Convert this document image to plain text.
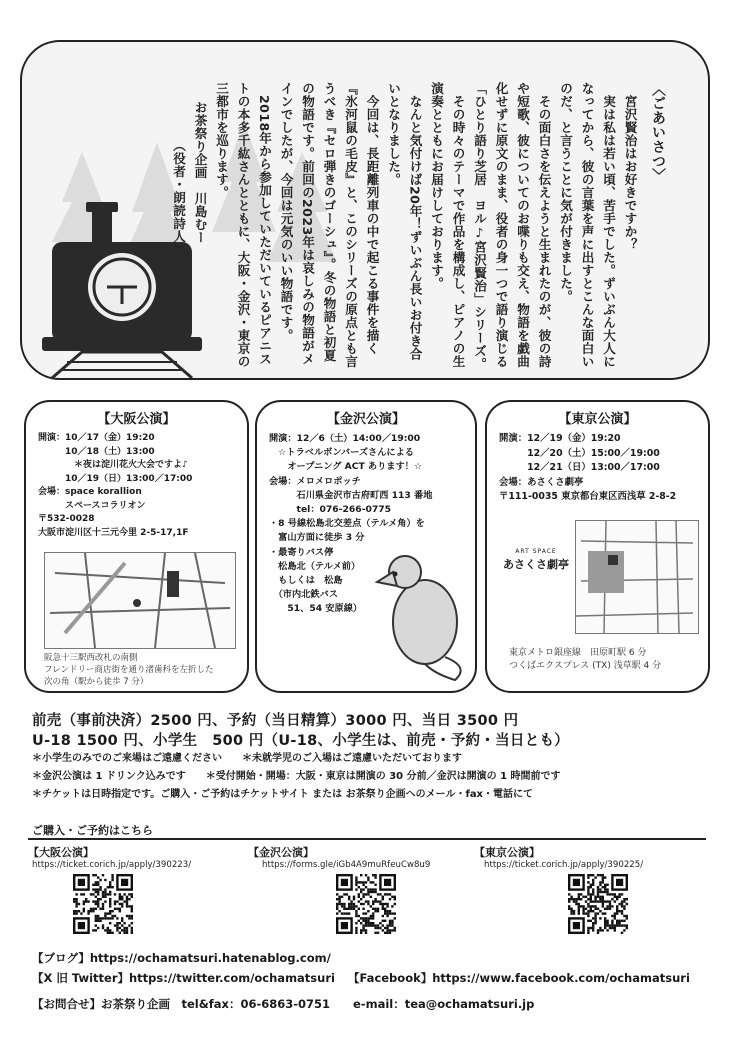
〈ごあいさつ〉

宮沢賢治はお好きですか？

実は私は若い頃、苦手でした。ずいぶん大人になってから、彼の言葉を声に出すとこんな面白いのだ、と言うことに気が付きました。

その面白さを伝えようと生まれたのが、彼の詩や短歌、彼についてのお喋りも交え、物語を戯曲化せずに原文のまま、役者の身一つで語り演じる「ひとり語り芝居　ヨル♪宮沢賢治」シリーズ。

その時々のテーマで作品を構成し、ピアノの生演奏とともにお届けしております。

なんと気付けば20年！ずいぶん長いお付き合いとなりました。

今回は、長距離列車の中で起こる事件を描く『氷河鼠の毛皮』と、このシリーズの原点とも言うべき『セロ弾きのゴーシュ』。冬の物語と初夏の物語です。前回の2023年は哀しみの物語がメインでしたが、今回は元気のいい物語です。

2018年から参加していただいているピアニストの本多千紘さんとともに、大阪・金沢・東京の三都市を巡ります。

お茶祭り企画　川島むー

（役者・朗読詩人）

【大阪公演】
開演：10／17（金）19:20
　　　10／18（土）13:00
　　　　＊夜は淀川花火大会ですよ♪
　　　10／19（日）13:00／17:00
会場：space korallion
　　　スペースコラリオン
〒532-0028
大阪市淀川区十三元今里 2-5-17,1F
阪急十三駅西改札の南側
フレンドリー商店街を通り渚歯科を左折した
次の角（駅から徒歩 7 分）
【金沢公演】
開演：12／6（土）14:00／19:00
　☆トラベルボンバーズさんによる
　　オープニング ACT あります！☆
会場：メロメロポッチ
　　　石川県金沢市古府町西 113 番地
　　　tel：076-266-0775
・8 号線松島北交差点（テルメ角）を
　富山方面に徒歩 3 分
・最寄りバス停
　松島北（テルメ前）
　もしくは　松島
　（市内北鉄バス
　　51、54 安原線）
【東京公演】
開演：12／19（金）19:20
　　　12／20（土）15:00／19:00
　　　12／21（日）13:00／17:00
会場：あさくさ劇亭
〒111-0035 東京都台東区西浅草 2-8-2
ART SPACE
あさくさ劇亭
東京メトロ銀座線　田原町駅 6 分
つくばエクスプレス (TX) 浅草駅 4 分
前売（事前決済）2500 円、予約（当日精算）3000 円、当日 3500 円
U-18 1500 円、小学生　500 円（U-18、小学生は、前売・予約・当日とも）
＊小学生のみでのご来場はご遠慮ください　　＊未就学児のご入場はご遠慮いただいております
＊金沢公演は 1 ドリンク込みです　　＊受付開始・開場：大阪・東京は開演の 30 分前／金沢は開演の 1 時間前です
＊チケットは日時指定です。ご購入・ご予約はチケットサイト または お茶祭り企画へのメール・fax・電話にて
ご購入・ご予約はこちら
【大阪公演】
https://ticket.corich.jp/apply/390223/
【金沢公演】
https://forms.gle/iGb4A9muRfeuCw8u9
【東京公演】
https://ticket.corich.jp/apply/390225/
【ブログ】https://ochamatsuri.hatenablog.com/
【X 旧 Twitter】https://twitter.com/ochamatsuri 【Facebook】https://www.facebook.com/ochamatsuri
【お問合せ】お茶祭り企画　tel&fax：06-6863-0751　　e-mail：tea@ochamatsuri.jp
